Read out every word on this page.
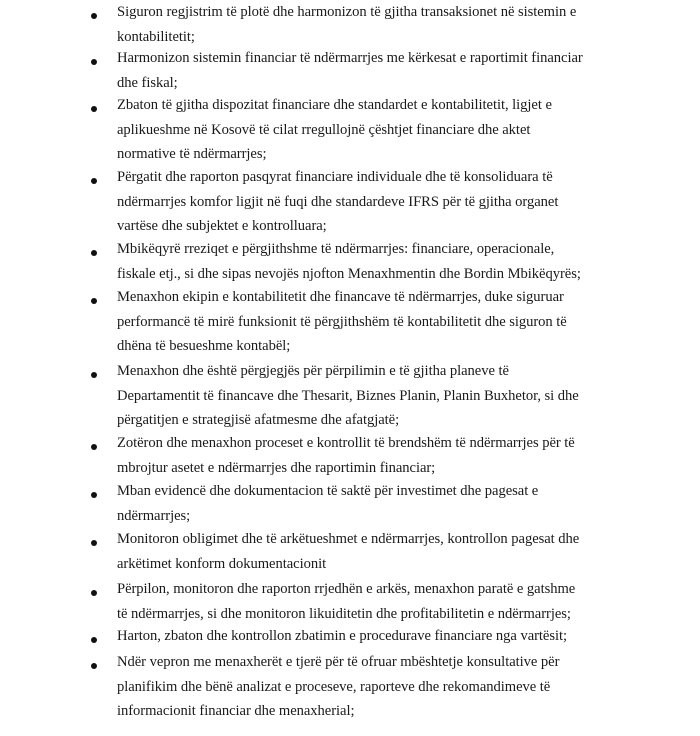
Siguron regjistrim të plotë dhe harmonizon të gjitha transaksionet në sistemin e kontabilitetit;
Harmonizon sistemin financiar të ndërmarrjes me kërkesat e raportimit financiar dhe fiskal;
Zbaton të gjitha dispozitat financiare dhe standardet e kontabilitetit, ligjet e aplikueshme në Kosovë të cilat rregullojnë çështjet financiare dhe aktet normative të ndërmarrjes;
Përgatit dhe raporton pasqyrat financiare individuale dhe të konsoliduara të ndërmarrjes komfor ligjit në fuqi dhe standardeve IFRS për të gjitha organet vartëse dhe subjektet e kontrolluara;
Mbikëqyrë rreziqet e përgjithshme të ndërmarrjes: financiare, operacionale, fiskale etj., si dhe sipas nevojës njofton Menaxhmentin dhe Bordin Mbikëqyrës;
Menaxhon ekipin e kontabilitetit dhe financave të ndërmarrjes, duke siguruar performancë të mirë funksionit të përgjithshëm të kontabilitetit dhe siguron të dhëna të besueshme kontabël;
Menaxhon dhe është përgjegjës për përpilimin e të gjitha planeve të Departamentit të financave dhe Thesarit, Biznes Planin, Planin Buxhetor, si dhe përgatitjen e strategjisë afatmesme dhe afatgjatë;
Zotëron dhe menaxhon proceset e kontrollit të brendshëm të ndërmarrjes për të mbrojtur asetet e ndërmarrjes dhe raportimin financiar;
Mban evidencë dhe dokumentacion të saktë për investimet dhe pagesat e ndërmarrjes;
Monitoron obligimet dhe të arkëtueshmet e ndërmarrjes, kontrollon pagesat dhe arkëtimet konform dokumentacionit
Përpilon, monitoron dhe raporton rrjedhën e arkës, menaxhon paratë e gatshme të ndërmarrjes, si dhe monitoron likuiditetin dhe profitabilitetin e ndërmarrjes;
Harton, zbaton dhe kontrollon zbatimin e procedurave financiare nga vartësit;
Ndër vepron me menaxherët e tjerë për të ofruar mbështetje konsultative për planifikim dhe bënë analizat e proceseve, raporteve dhe rekomandimeve të informacionit financiar dhe menaxherial;
